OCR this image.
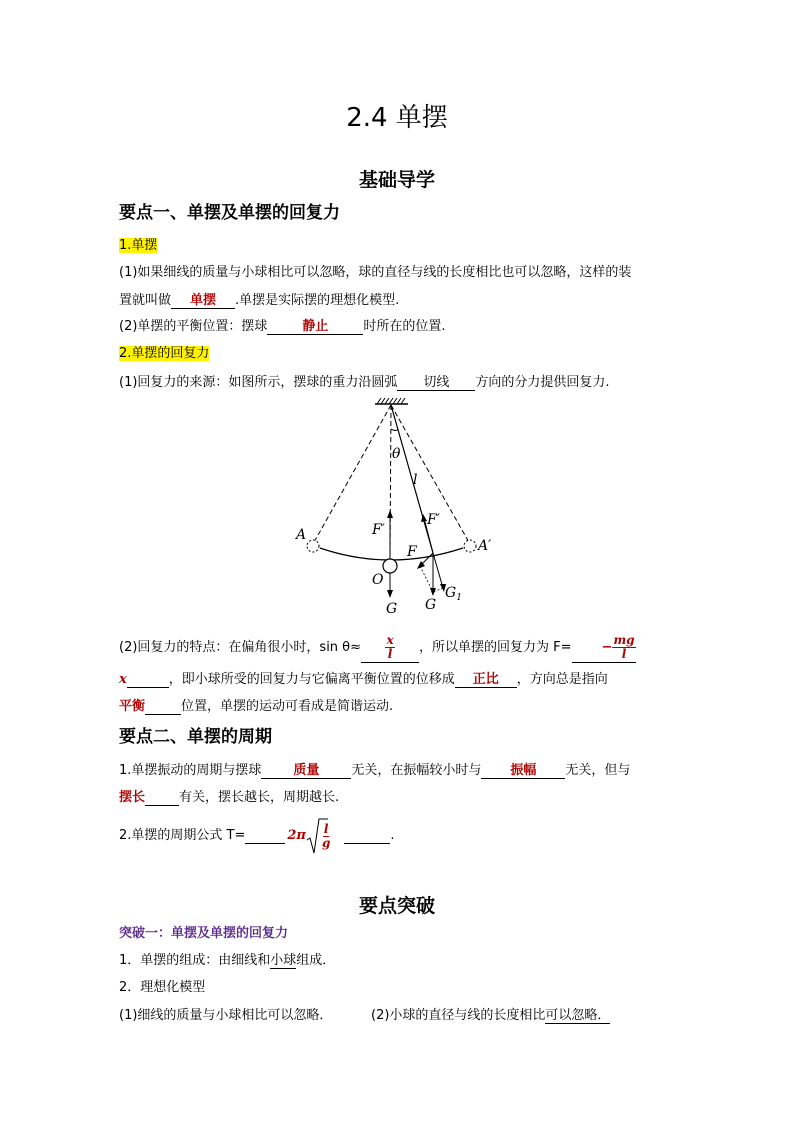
2.4 单摆
基础导学
要点一、单摆及单摆的回复力
1.单摆
(1)如果细线的质量与小球相比可以忽略，球的直径与线的长度相比也可以忽略，这样的装
置就叫做 单摆 .单摆是实际摆的理想化模型.
(2)单摆的平衡位置：摆球	静止	时所在的位置.
2.单摆的回复力
(1)回复力的来源：如图所示，摆球的重力沿圆弧 切线 方向的分力提供回复力.
θ
l
A
A′
O
F′
F′
F
G G
$G_1$
(2)回复力的特点：在偏角很小时，$\sin \theta\approx \frac{x}{l}$ ，所以单摆的回复力为 $F= - \frac{mg}{l}$
x	，即小球所受的回复力与它偏离平衡位置的位移成 正比 ，方向总是指向
平衡	位置，单摆的运动可看成是简谐运动.
要点二、单摆的周期
1.单摆振动的周期与摆球 质量 无关，在振幅较小时与 振幅 无关，但与
摆长	有关，摆长越长，周期越长.
2.单摆的周期公式 T=
	$2\pi \frac{l}{g}$
	.
要点突破
突破一：单摆及单摆的回复力
1．单摆的组成：由细线和小球组成．
2．理想化模型
(1)细线的质量与小球相比可以忽略．	(2)小球的直径与线的长度相比可以忽略．
